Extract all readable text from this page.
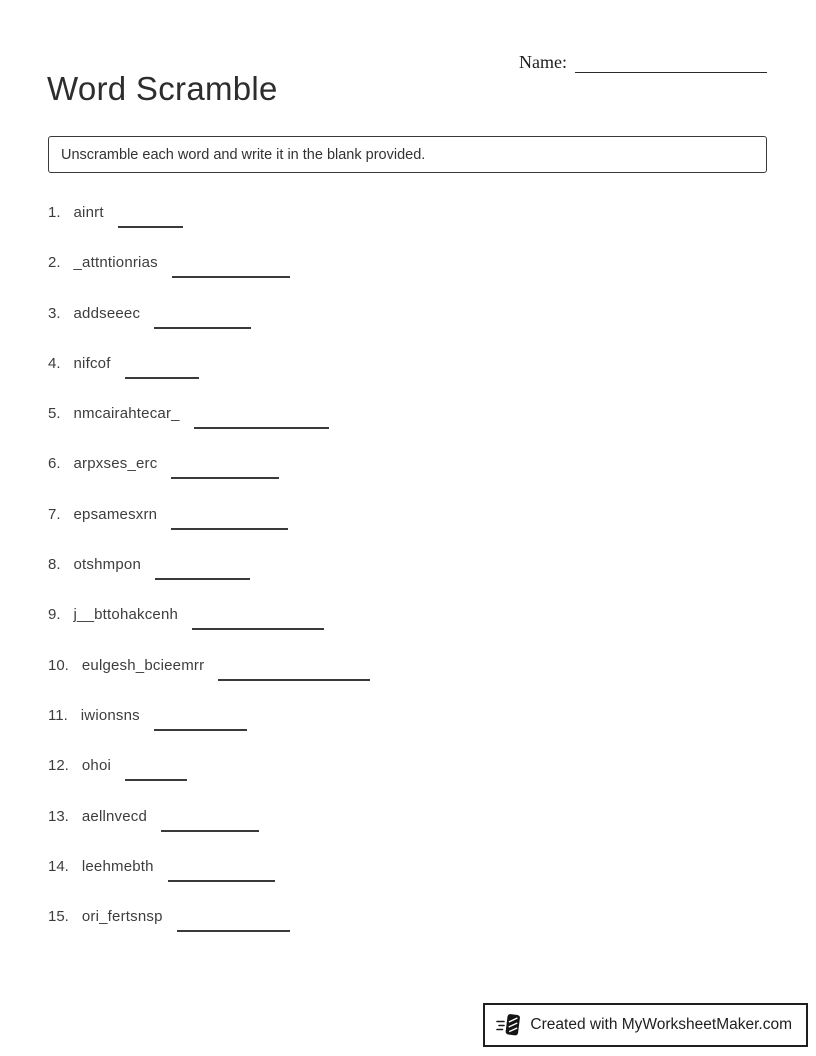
Word Scramble
Name:
Unscramble each word and write it in the blank provided.
1. ainrt
2. _attntionrias
3. addseeec
4. nifcof
5. nmcairahtecar_
6. arpxses_erc
7. epsamesxrn
8. otshmpon
9. j__bttohakcenh
10. eulgesh_bcieemrr
11. iwionsns
12. ohoi
13. aellnvecd
14. leehmebth
15. ori_fertsnsp
Created with MyWorksheetMaker.com
